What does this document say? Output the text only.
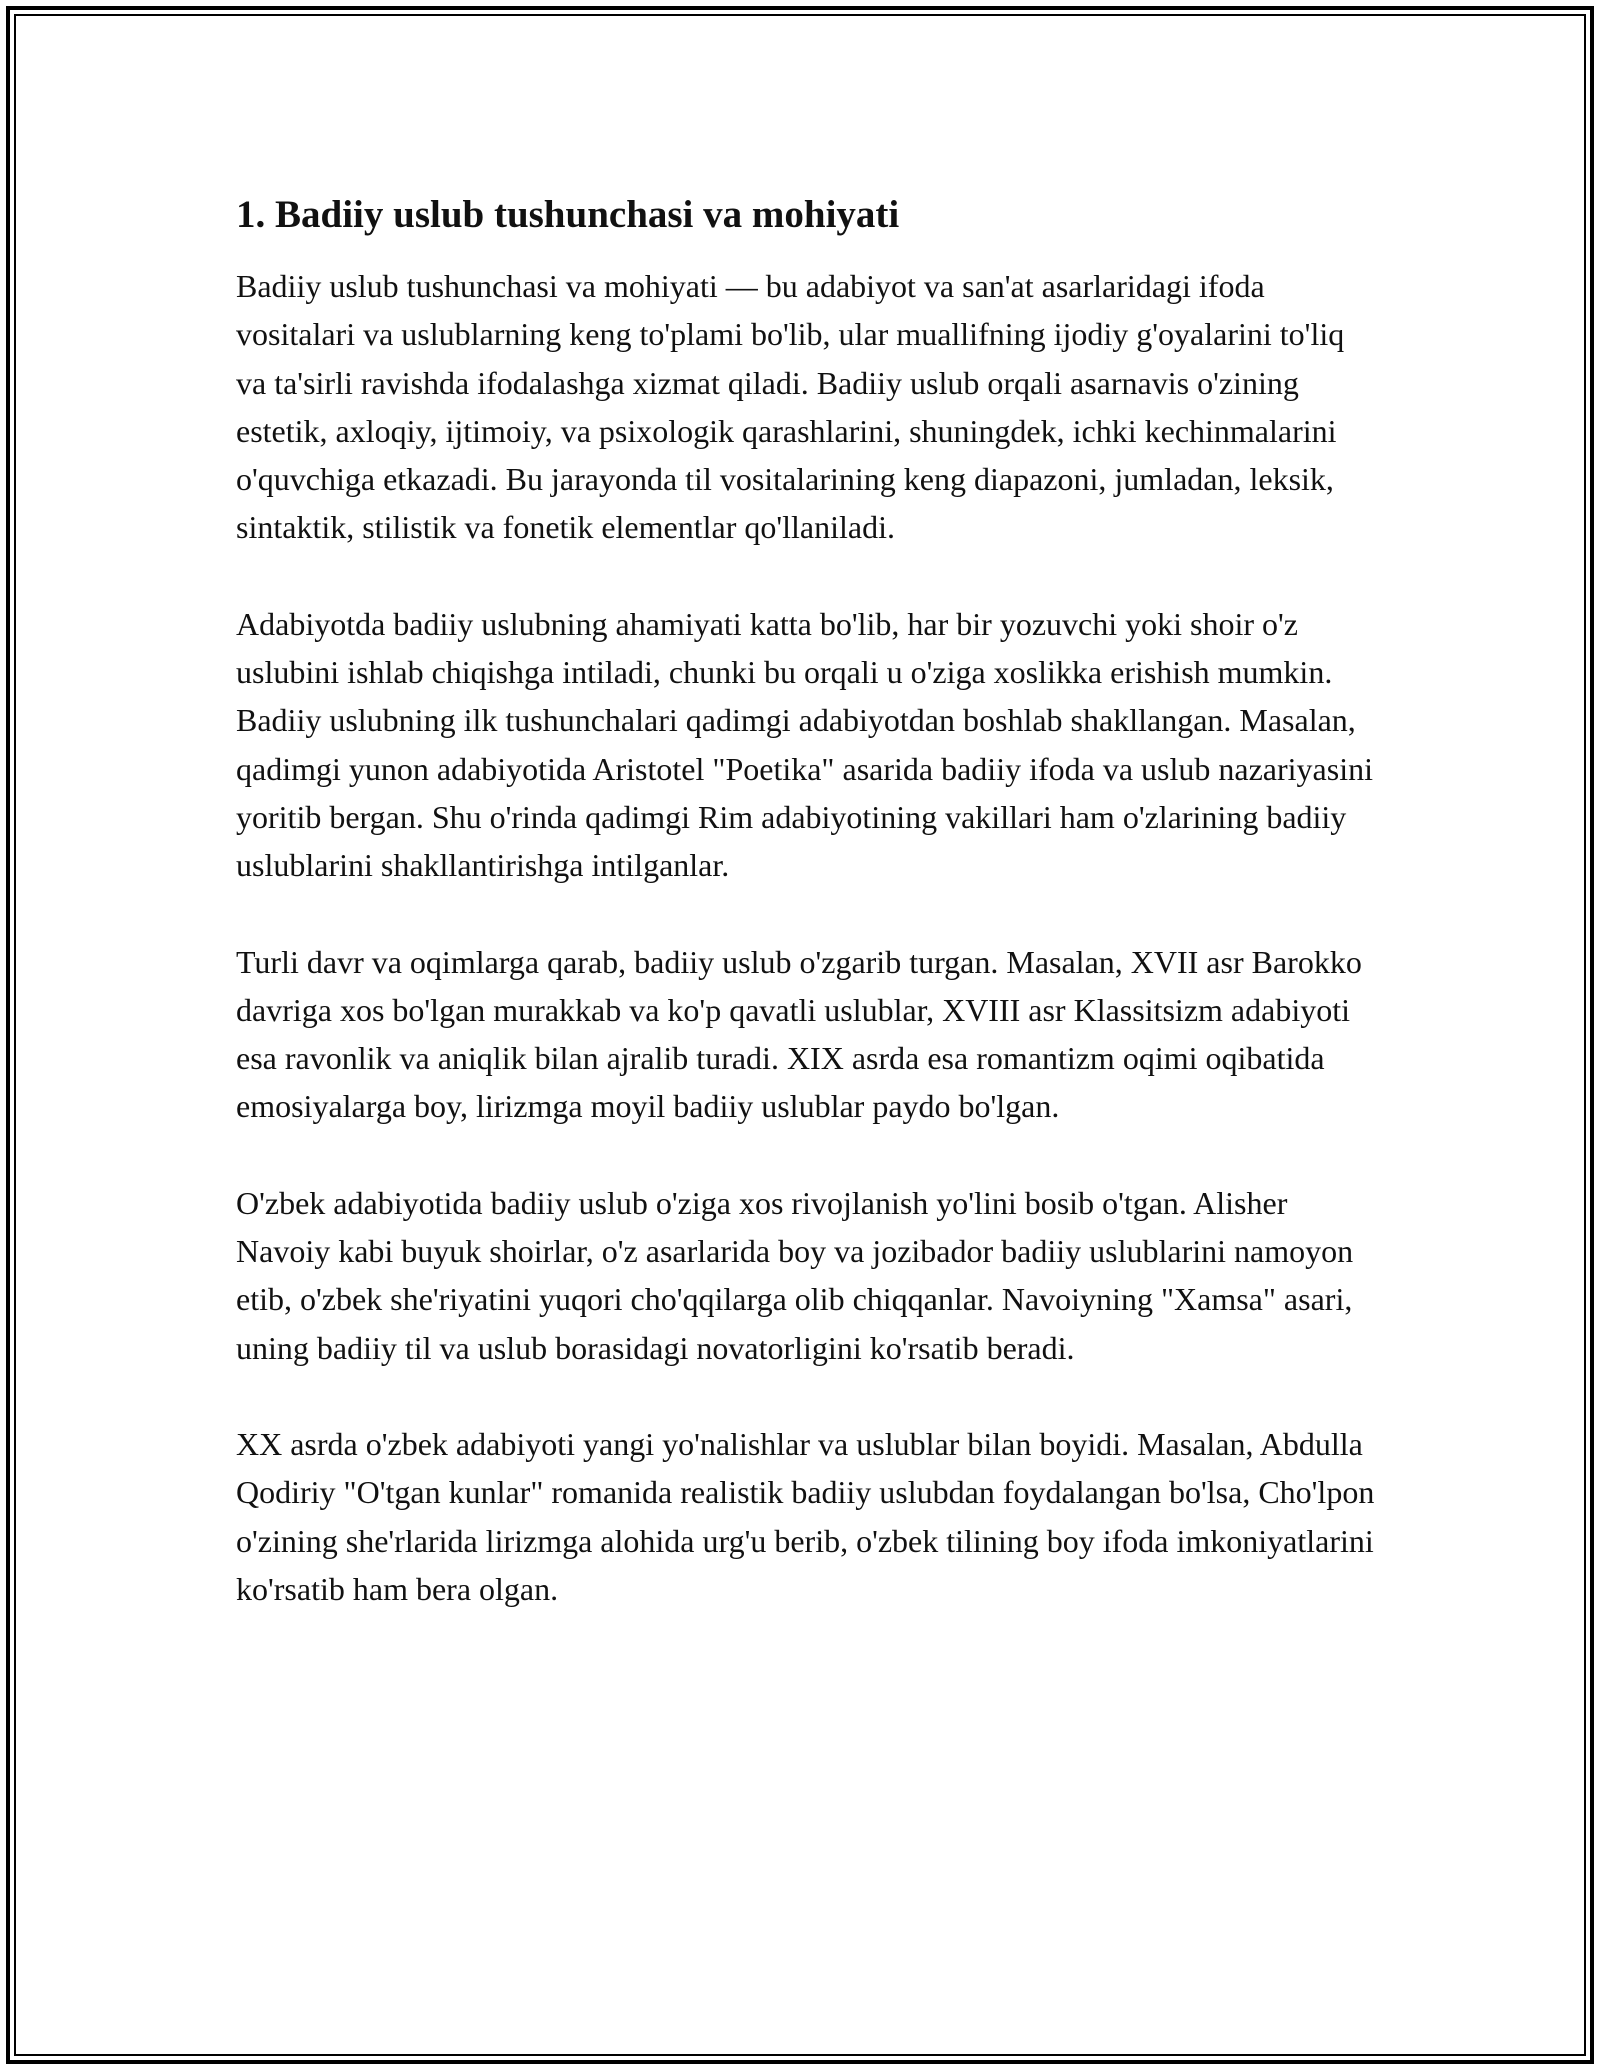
1. Badiiy uslub tushunchasi va mohiyati

Badiiy uslub tushunchasi va mohiyati — bu adabiyot va san'at asarlaridagi ifoda vositalari va uslublarning keng to'plami bo'lib, ular muallifning ijodiy g'oyalarini to'liq va ta'sirli ravishda ifodalashga xizmat qiladi. Badiiy uslub orqali asarnavis o'zining estetik, axloqiy, ijtimoiy, va psixologik qarashlarini, shuningdek, ichki kechinmalarini o'quvchiga etkazadi. Bu jarayonda til vositalarining keng diapazoni, jumladan, leksik, sintaktik, stilistik va fonetik elementlar qo'llaniladi.

Adabiyotda badiiy uslubning ahamiyati katta bo'lib, har bir yozuvchi yoki shoir o'z uslubini ishlab chiqishga intiladi, chunki bu orqali u o'ziga xoslikka erishish mumkin. Badiiy uslubning ilk tushunchalari qadimgi adabiyotdan boshlab shakllangan. Masalan, qadimgi yunon adabiyotida Aristotel "Poetika" asarida badiiy ifoda va uslub nazariyasini yoritib bergan. Shu o'rinda qadimgi Rim adabiyotining vakillari ham o'zlarining badiiy uslublarini shakllantirishga intilganlar.

Turli davr va oqimlarga qarab, badiiy uslub o'zgarib turgan. Masalan, XVII asr Barokko davriga xos bo'lgan murakkab va ko'p qavatli uslublar, XVIII asr Klassitsizm adabiyoti esa ravonlik va aniqlik bilan ajralib turadi. XIX asrda esa romantizm oqimi oqibatida emosiyalarga boy, lirizmga moyil badiiy uslublar paydo bo'lgan.

O'zbek adabiyotida badiiy uslub o'ziga xos rivojlanish yo'lini bosib o'tgan. Alisher Navoiy kabi buyuk shoirlar, o'z asarlarida boy va jozibador badiiy uslublarini namoyon etib, o'zbek she'riyatini yuqori cho'qqilarga olib chiqqanlar. Navoiyning "Xamsa" asari, uning badiiy til va uslub borasidagi novatorligini ko'rsatib beradi.

XX asrda o'zbek adabiyoti yangi yo'nalishlar va uslublar bilan boyidi. Masalan, Abdulla Qodiriy "O'tgan kunlar" romanida realistik badiiy uslubdan foydalangan bo'lsa, Cho'lpon o'zining she'rlarida lirizmga alohida urg'u berib, o'zbek tilining boy ifoda imkoniyatlarini ko'rsatib ham bera olgan.
